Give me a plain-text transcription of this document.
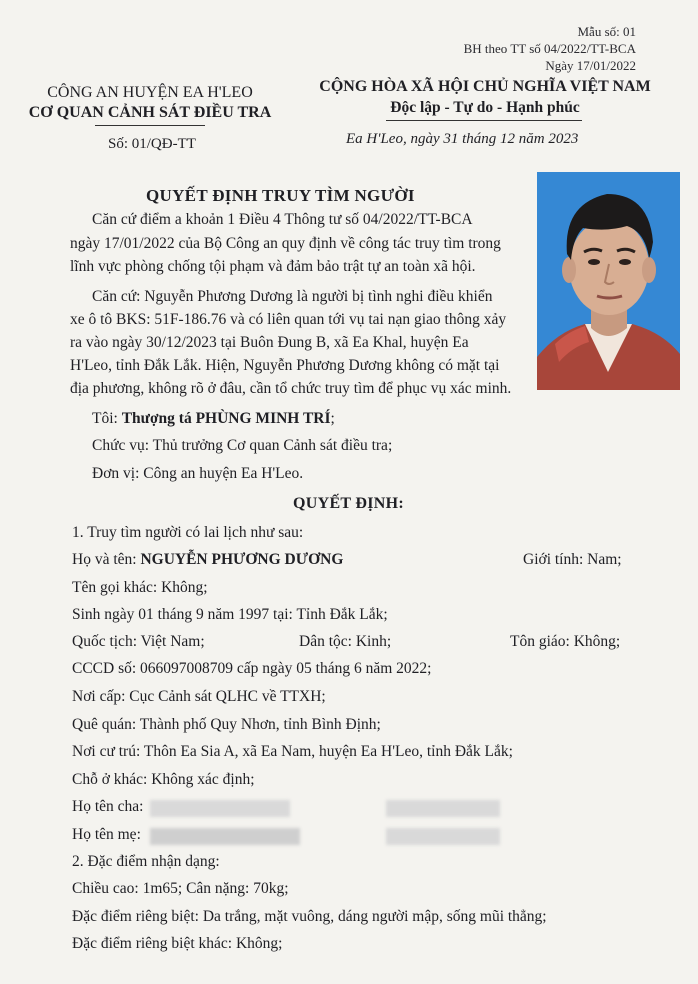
Mẫu số: 01
BH theo TT số 04/2022/TT-BCA
Ngày 17/01/2022
CÔNG AN HUYỆN EA H'LEO
CƠ QUAN CẢNH SÁT ĐIỀU TRA
Số: 01/QĐ-TT
CỘNG HÒA XÃ HỘI CHỦ NGHĨA VIỆT NAM
Độc lập - Tự do - Hạnh phúc
Ea H'Leo, ngày 31 tháng 12 năm 2023
QUYẾT ĐỊNH TRUY TÌM NGƯỜI
Căn cứ điểm a khoản 1 Điều 4 Thông tư số 04/2022/TT-BCA
ngày 17/01/2022 của Bộ Công an quy định về công tác truy tìm trong
lĩnh vực phòng chống tội phạm và đảm bảo trật tự an toàn xã hội.
Căn cứ: Nguyễn Phương Dương là người bị tình nghi điều khiển
xe ô tô BKS: 51F-186.76 và có liên quan tới vụ tai nạn giao thông xảy
ra vào ngày 30/12/2023 tại Buôn Đung B, xã Ea Khal, huyện Ea
H'Leo, tỉnh Đắk Lắk. Hiện, Nguyễn Phương Dương không có mặt tại
địa phương, không rõ ở đâu, cần tổ chức truy tìm để phục vụ xác minh.
Tôi: Thượng tá PHÙNG MINH TRÍ;
Chức vụ: Thủ trưởng Cơ quan Cảnh sát điều tra;
Đơn vị: Công an huyện Ea H'Leo.
QUYẾT ĐỊNH:
1. Truy tìm người có lai lịch như sau:
Họ và tên: NGUYỄN PHƯƠNG DƯƠNG	Giới tính: Nam;
Tên gọi khác: Không;
Sinh ngày 01 tháng 9 năm 1997 tại: Tỉnh Đắk Lắk;
Quốc tịch: Việt Nam;	Dân tộc: Kinh;	Tôn giáo: Không;
CCCD số: 066097008709 cấp ngày 05 tháng 6 năm 2022;
Nơi cấp: Cục Cảnh sát QLHC về TTXH;
Quê quán: Thành phố Quy Nhơn, tỉnh Bình Định;
Nơi cư trú: Thôn Ea Sia A, xã Ea Nam, huyện Ea H'Leo, tỉnh Đắk Lắk;
Chỗ ở khác: Không xác định;
Họ tên cha:
Họ tên mẹ:
2. Đặc điểm nhận dạng:
Chiều cao: 1m65; Cân nặng: 70kg;
Đặc điểm riêng biệt: Da trắng, mặt vuông, dáng người mập, sống mũi thẳng;
Đặc điểm riêng biệt khác: Không;
